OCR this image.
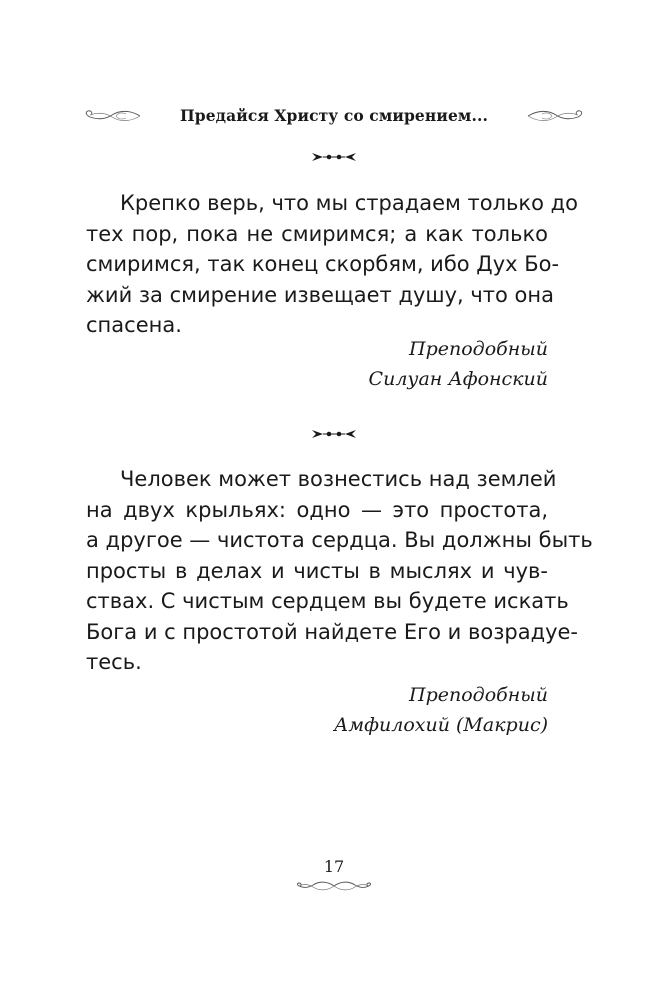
Предайся Христу со смирением...
Крепко верь, что мы страдаем только до
тех пор, пока не смиримся; а как только
смиримся, так конец скорбям, ибо Дух Бо-
жий за смирение извещает душу, что она
спасена.
Преподобный
Силуан Афонский
Человек может вознестись над землей
на двух крыльях: одно — это простота,
а другое — чистота сердца. Вы должны быть
просты в делах и чисты в мыслях и чув-
ствах. С чистым сердцем вы будете искать
Бога и с простотой найдете Его и возрадуе-
тесь.
Преподобный
Амфилохий (Макрис)
17
